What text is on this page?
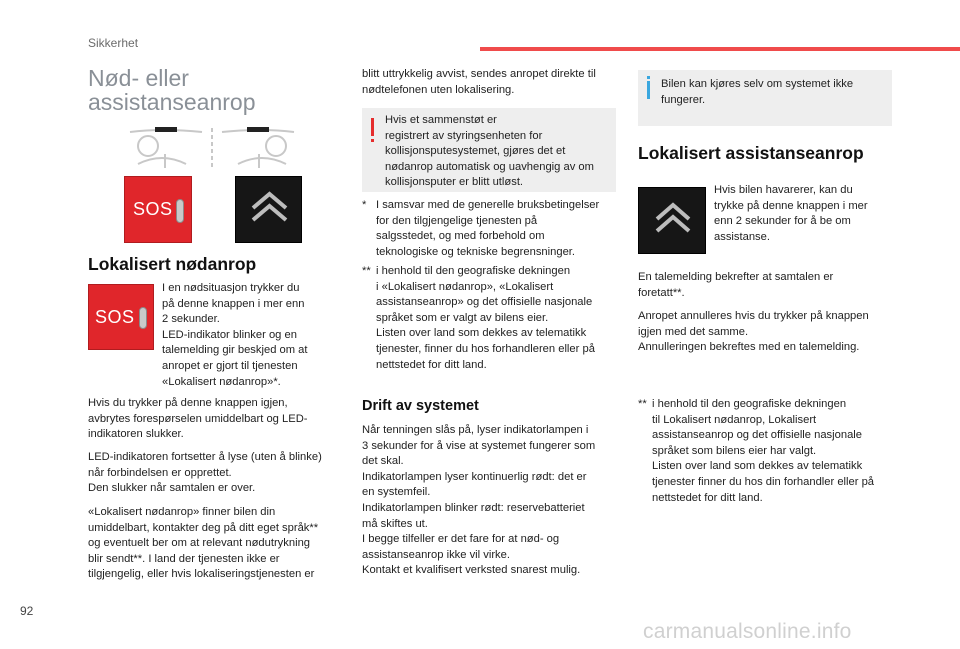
Sikkerhet
Nød- eller assistanseanrop
SOS
Lokalisert nødanrop
SOS
I en nødsituasjon trykker du
på denne knappen i mer enn
2 sekunder.
LED-indikator blinker og en
talemelding gir beskjed om at
anropet er gjort til tjenesten
«Lokalisert nødanrop»*.
Hvis du trykker på denne knappen igjen,
avbrytes forespørselen umiddelbart og LED-
indikatoren slukker.
LED-indikatoren fortsetter å lyse (uten å blinke)
når forbindelsen er opprettet.
Den slukker når samtalen er over.
«Lokalisert nødanrop» finner bilen din
umiddelbart, kontakter deg på ditt eget språk**
og eventuelt ber om at relevant nødutrykning
blir sendt**. I land der tjenesten ikke er
tilgjengelig, eller hvis lokaliseringstjenesten er
blitt uttrykkelig avvist, sendes anropet direkte til
nødtelefonen uten lokalisering.
Hvis et sammenstøt er
registrert av styringsenheten for
kollisjonsputesystemet, gjøres det et
nødanrop automatisk og uavhengig av om
kollisjonsputer er blitt utløst.
* I samsvar med de generelle bruksbetingelser
for den tilgjengelige tjenesten på
salgsstedet, og med forbehold om
teknologiske og tekniske begrensninger.
** i henhold til den geografiske dekningen
i «Lokalisert nødanrop», «Lokalisert
assistanseanrop» og det offisielle nasjonale
språket som er valgt av bilens eier.
Listen over land som dekkes av telematikk
tjenester, finner du hos forhandleren eller på
nettstedet for ditt land.
Drift av systemet
Når tenningen slås på, lyser indikatorlampen i
3 sekunder for å vise at systemet fungerer som
det skal.
Indikatorlampen lyser kontinuerlig rødt: det er
en systemfeil.
Indikatorlampen blinker rødt: reservebatteriet
må skiftes ut.
I begge tilfeller er det fare for at nød- og
assistanseanrop ikke vil virke.
Kontakt et kvalifisert verksted snarest mulig.
Bilen kan kjøres selv om systemet ikke
fungerer.
Lokalisert assistanseanrop
Hvis bilen havarerer, kan du
trykke på denne knappen i mer
enn 2 sekunder for å be om
assistanse.
En talemelding bekrefter at samtalen er
foretatt**.
Anropet annulleres hvis du trykker på knappen
igjen med det samme.
Annulleringen bekreftes med en talemelding.
** i henhold til den geografiske dekningen
til Lokalisert nødanrop, Lokalisert
assistanseanrop og det offisielle nasjonale
språket som bilens eier har valgt.
Listen over land som dekkes av telematikk
tjenester finner du hos din forhandler eller på
nettstedet for ditt land.
92
carmanualsonline.info
